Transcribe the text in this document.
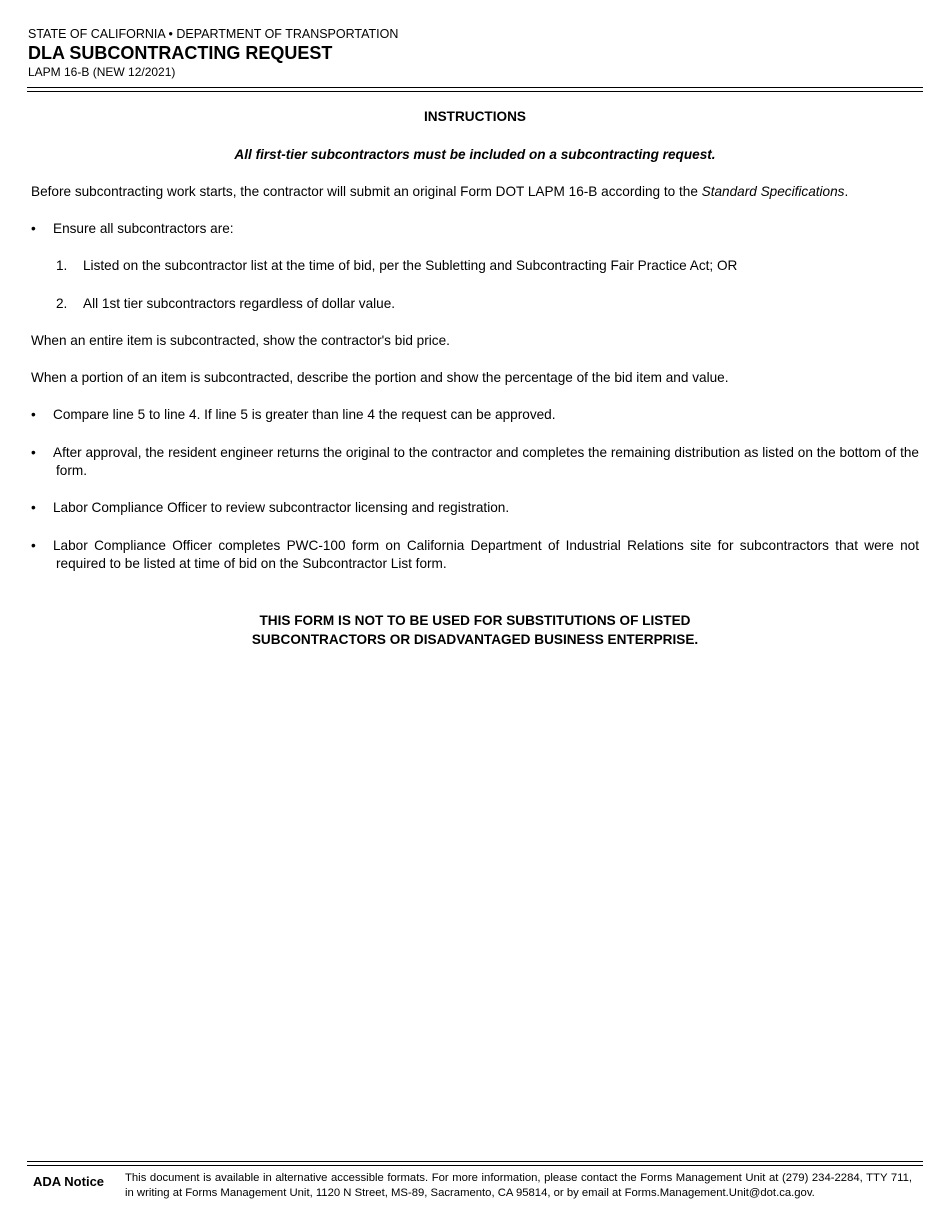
STATE OF CALIFORNIA • DEPARTMENT OF TRANSPORTATION
DLA SUBCONTRACTING REQUEST
LAPM 16-B (NEW 12/2021)
INSTRUCTIONS
All first-tier subcontractors must be included on a subcontracting request.
Before subcontracting work starts, the contractor will submit an original Form DOT LAPM 16-B according to the Standard Specifications.
•	Ensure all subcontractors are:
1.	Listed on the subcontractor list at the time of bid, per the Subletting and Subcontracting Fair Practice Act; OR
2.	All 1st tier subcontractors regardless of dollar value.
When an entire item is subcontracted, show the contractor's bid price.
When a portion of an item is subcontracted, describe the portion and show the percentage of the bid item and value.
•	Compare line 5 to line 4. If line 5 is greater than line 4 the request can be approved.
•	After approval, the resident engineer returns the original to the contractor and completes the remaining distribution as listed on the bottom of the form.
•	Labor Compliance Officer to review subcontractor licensing and registration.
•	Labor Compliance Officer completes PWC-100 form on California Department of Industrial Relations site for subcontractors that were not required to be listed at time of bid on the Subcontractor List form.
THIS FORM IS NOT TO BE USED FOR SUBSTITUTIONS OF LISTED
SUBCONTRACTORS OR DISADVANTAGED BUSINESS ENTERPRISE.
ADA Notice This document is available in alternative accessible formats. For more information, please contact the Forms Management Unit at (279) 234-2284, TTY 711, in writing at Forms Management Unit, 1120 N Street, MS-89, Sacramento, CA 95814, or by email at Forms.Management.Unit@dot.ca.gov.
